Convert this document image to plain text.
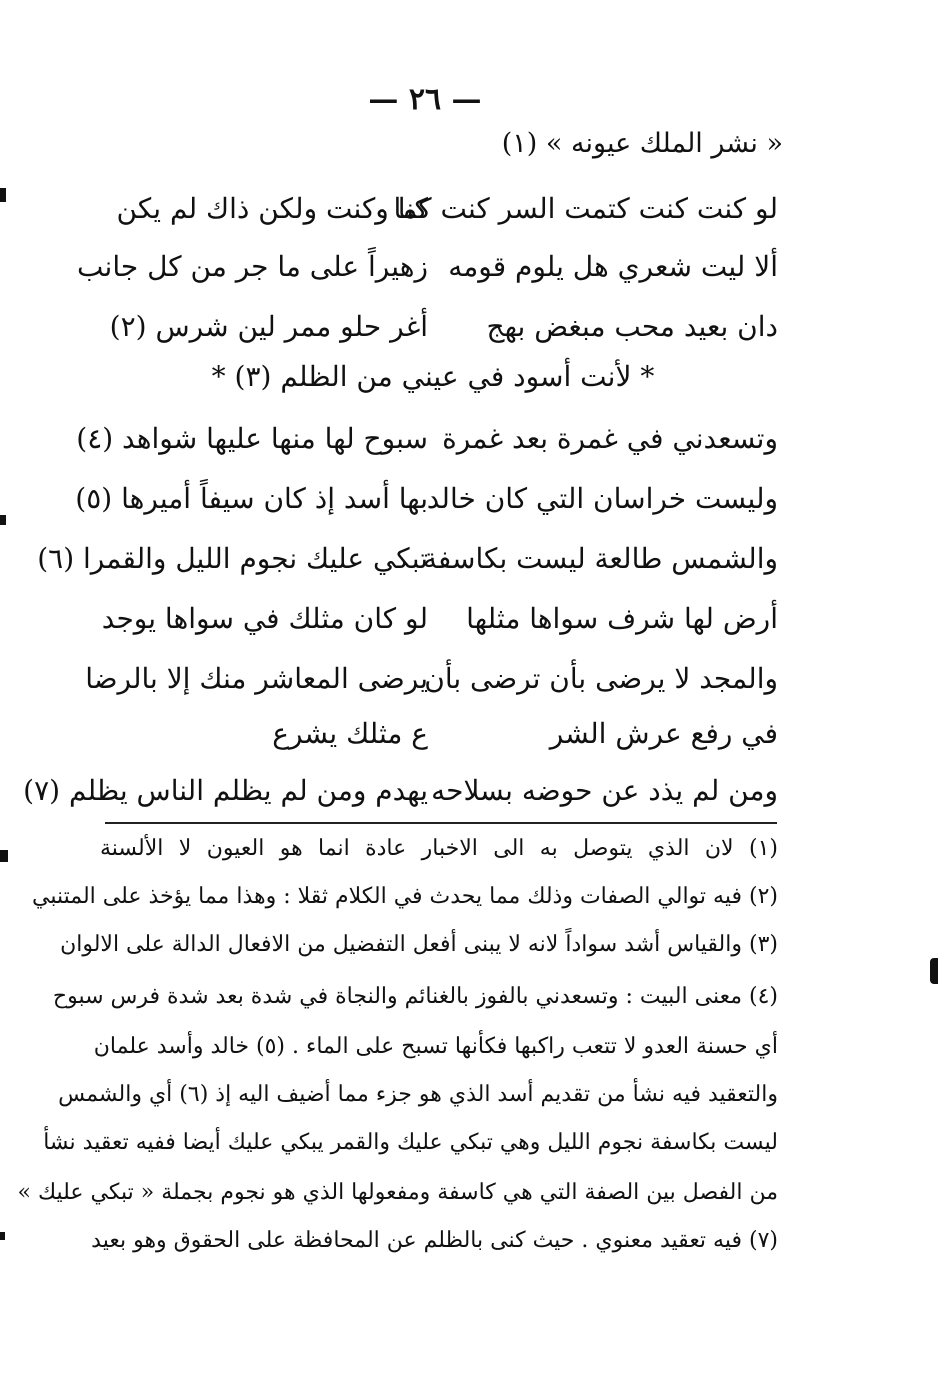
— ٢٦ —
« نشر الملك عيونه » (١)
لو كنت كنت كتمت السر كنت كما
كنا وكنت ولكن ذاك لم يكن
ألا ليت شعري هل يلوم قومه
زهيراً على ما جر من كل جانب
دان بعيد محب مبغض بهج
أغر حلو ممر لين شرس (٢)
* لأنت أسود في عيني من الظلم (٣) *
وتسعدني في غمرة بعد غمرة
سبوح لها منها عليها شواهد (٤)
وليست خراسان التي كان خالد
بها أسد إذ كان سيفاً أميرها (٥)
والشمس طالعة ليست بكاسفة
تبكي عليك نجوم الليل والقمرا (٦)
أرض لها شرف سواها مثلها
لو كان مثلك في سواها يوجد
والمجد لا يرضى بأن ترضى بأن
يرضى المعاشر منك إلا بالرضا
في رفع عرش الشر
ع مثلك يشرع
ومن لم يذد عن حوضه بسلاحه
يهدم ومن لم يظلم الناس يظلم (٧)
(١) لان الذي يتوصل به الى الاخبار عادة انما هو العيون لا الألسنة
(٢) فيه توالي الصفات وذلك مما يحدث في الكلام ثقلا : وهذا مما يؤخذ على المتنبي
(٣) والقياس أشد سواداً لانه لا يبنى أفعل التفضيل من الافعال الدالة على الالوان
(٤) معنى البيت : وتسعدني بالفوز بالغنائم والنجاة في شدة بعد شدة فرس سبوح
أي حسنة العدو لا تتعب راكبها فكأنها تسبح على الماء . (٥) خالد وأسد علمان
والتعقيد فيه نشأ من تقديم أسد الذي هو جزء مما أضيف اليه إذ (٦) أي والشمس
ليست بكاسفة نجوم الليل وهي تبكي عليك والقمر يبكي عليك أيضا ففيه تعقيد نشأ
من الفصل بين الصفة التي هي كاسفة ومفعولها الذي هو نجوم بجملة « تبكي عليك »
(٧) فيه تعقيد معنوي . حيث كنى بالظلم عن المحافظة على الحقوق وهو بعيد
